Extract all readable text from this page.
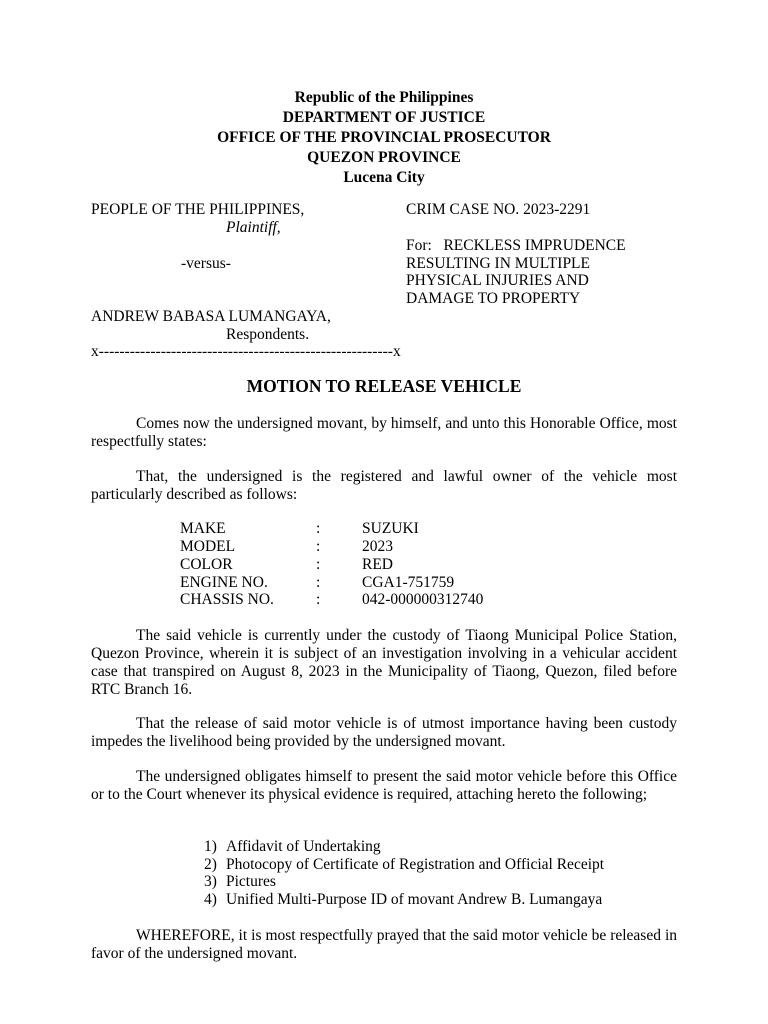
Republic of the Philippines
DEPARTMENT OF JUSTICE
OFFICE OF THE PROVINCIAL PROSECUTOR
QUEZON PROVINCE
Lucena City
PEOPLE OF THE PHILIPPINES,
Plaintiff,
-versus-
ANDREW BABASA LUMANGAYA,
Respondents.
x---------------------------------------------------------x
CRIM CASE NO. 2023-2291
For:   RECKLESS IMPRUDENCE
RESULTING IN MULTIPLE
PHYSICAL INJURIES AND
DAMAGE TO PROPERTY
MOTION TO RELEASE VEHICLE
Comes now the undersigned movant, by himself, and unto this Honorable Office, most respectfully states:
That, the undersigned is the registered and lawful owner of the vehicle most particularly described as follows:
MAKE	:	SUZUKI
MODEL	:	2023
COLOR	:	RED
ENGINE NO.	:	CGA1-751759
CHASSIS NO.	:	042-000000312740
The said vehicle is currently under the custody of Tiaong Municipal Police Station, Quezon Province, wherein it is subject of an investigation involving in a vehicular accident case that transpired on August 8, 2023 in the Municipality of Tiaong, Quezon, filed before RTC Branch 16.
That the release of said motor vehicle is of utmost importance having been custody impedes the livelihood being provided by the undersigned movant.
The undersigned obligates himself to present the said motor vehicle before this Office or to the Court whenever its physical evidence is required, attaching hereto the following;
1) Affidavit of Undertaking
2) Photocopy of Certificate of Registration and Official Receipt
3) Pictures
4) Unified Multi-Purpose ID of movant Andrew B. Lumangaya
WHEREFORE, it is most respectfully prayed that the said motor vehicle be released in favor of the undersigned movant.
